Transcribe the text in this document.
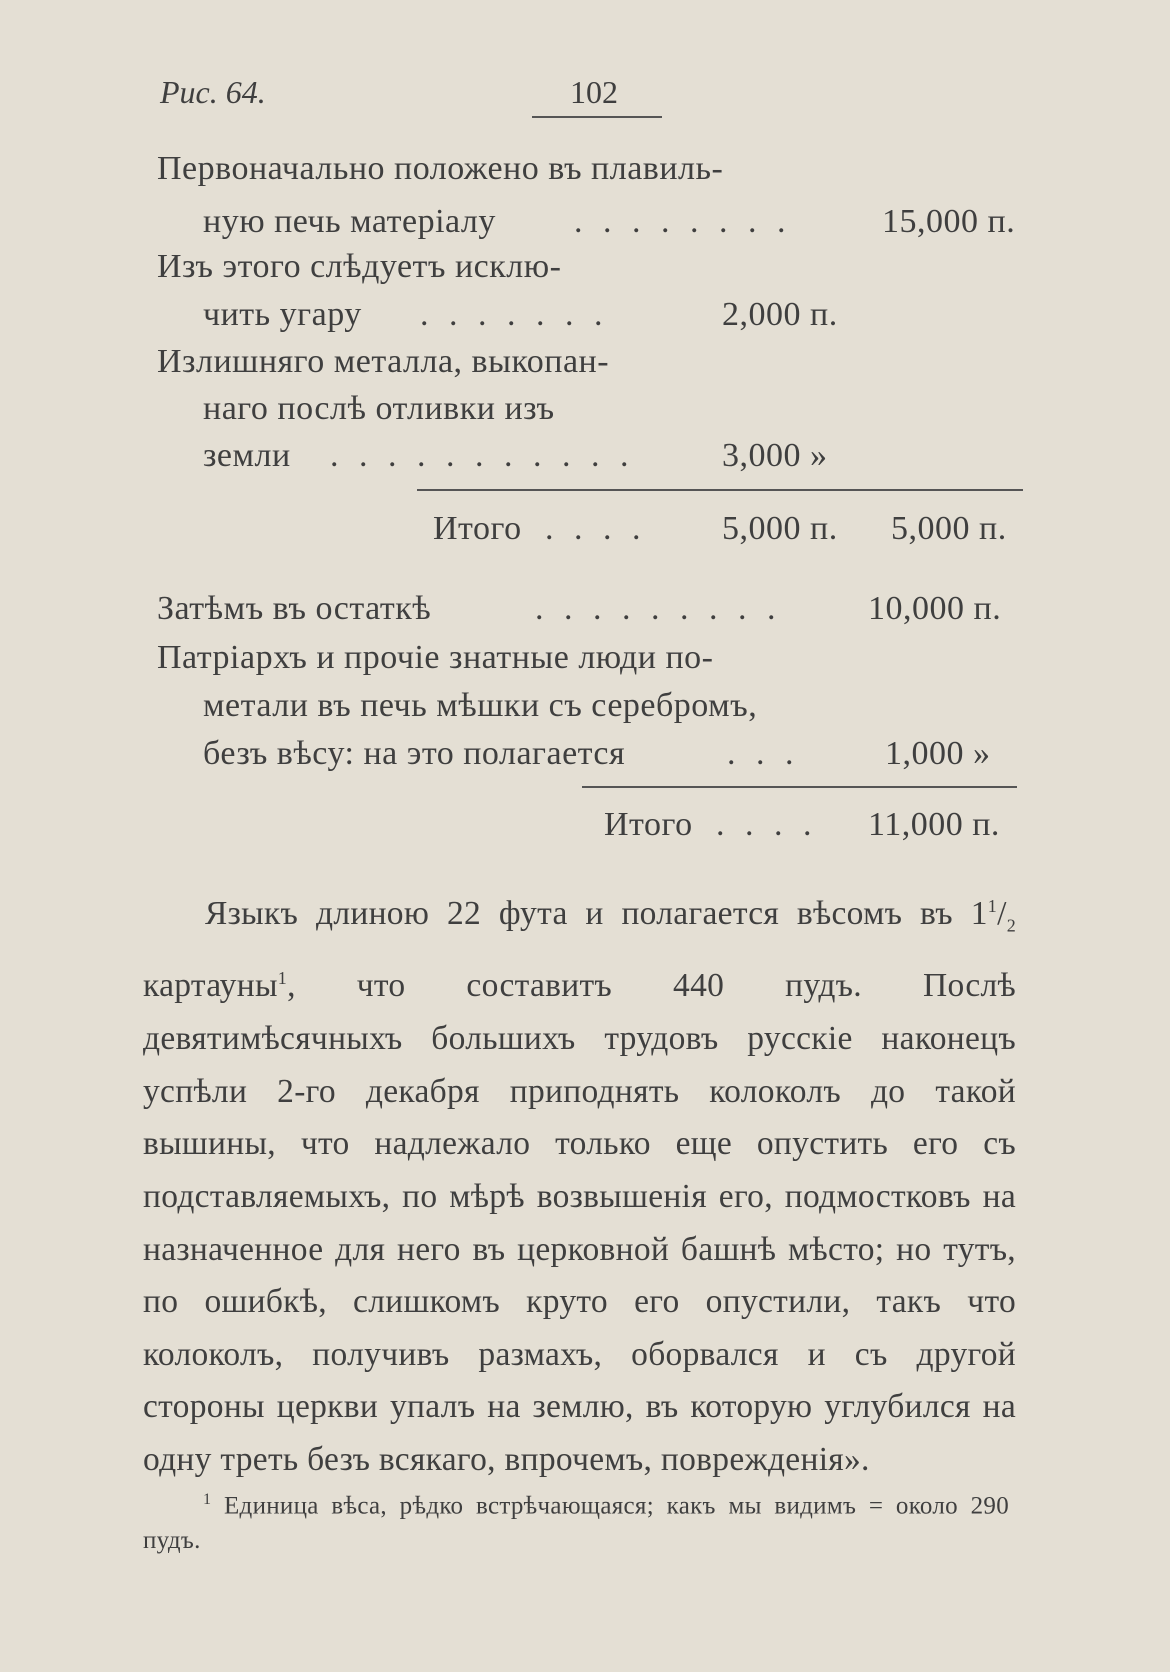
Рис. 64.	102
Первоначально положено въ плавиль-
ную печь матеріалу . . . . . . . .	15,000 п.
Изъ этого слѣдуетъ исклю-
чить угару . . . . . . .	2,000 п.
Излишняго металла, выкопан-
наго послѣ отливки изъ
земли . . . . . . . . . . .	3,000 »
Итого . . . . 5,000 п. 5,000 п.
Затѣмъ въ остаткѣ	. . . . . . . . .	10,000 п.
Патріархъ и прочіе знатные люди по-
метали въ печь мѣшки съ серебромъ,
безъ вѣсу: на это полагается	. . .	1,000 »
Итого . . . . 11,000 п.
Языкъ длиною 22 фута и полагается вѣсомъ въ $1^1/_2$ картауны$^1$, что составитъ 440 пудъ. Послѣ девятимѣсячныхъ большихъ трудовъ русскіе наконецъ успѣли 2-го декабря приподнять колоколъ до такой вышины, что надлежало только еще опустить его съ подставляемыхъ, по мѣрѣ возвышенія его, подмостковъ на назначенное для него въ церковной башнѣ мѣсто; но тутъ, по ошибкѣ, слишкомъ круто его опустили, такъ что колоколъ, получивъ размахъ, оборвался и съ другой стороны церкви упалъ на землю, въ которую углубился на одну треть безъ всякаго, впрочемъ, поврежденія».
$^1$ Единица вѣса, рѣдко встрѣчающаяся; какъ мы видимъ = около 290 пудъ.
